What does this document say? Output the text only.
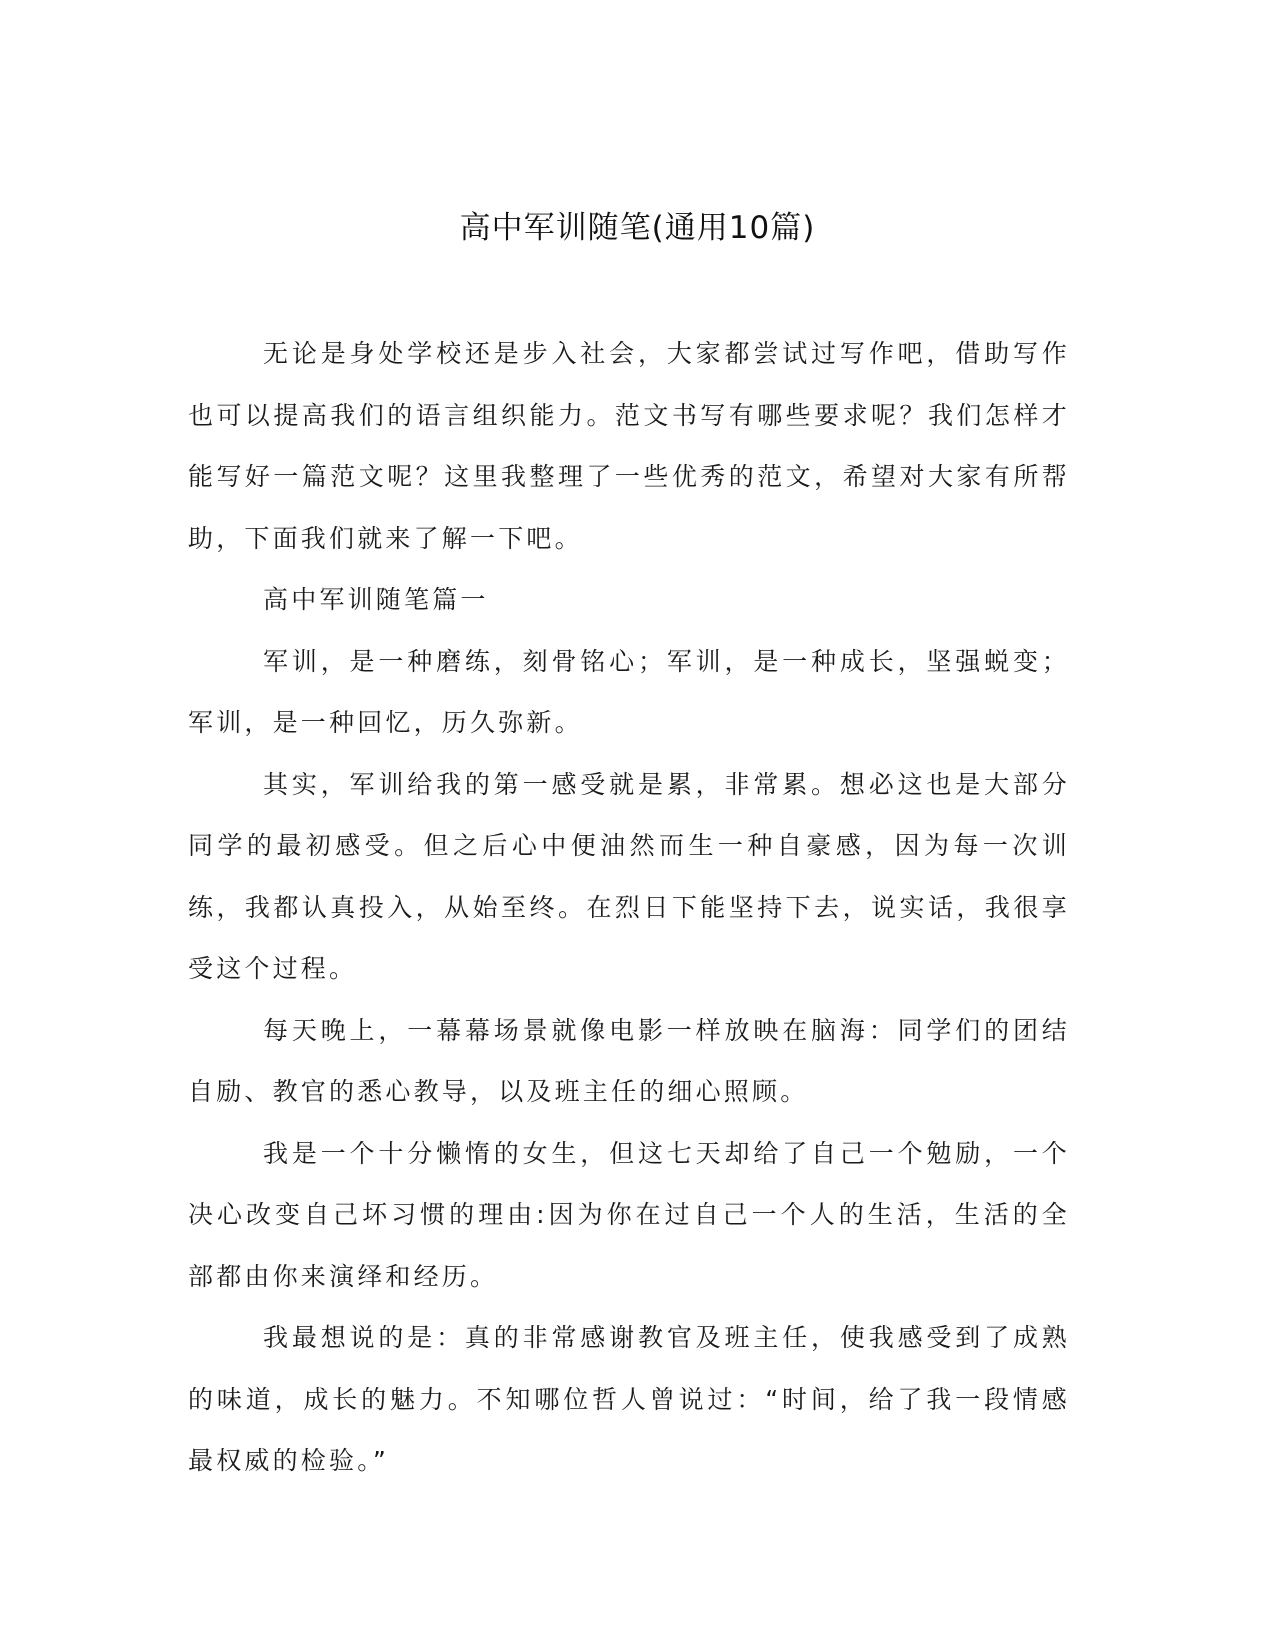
高中军训随笔(通用10篇)

无论是身处学校还是步入社会，大家都尝试过写作吧，借助写作也可以提高我们的语言组织能力。范文书写有哪些要求呢？我们怎样才能写好一篇范文呢？这里我整理了一些优秀的范文，希望对大家有所帮助，下面我们就来了解一下吧。

高中军训随笔篇一

军训，是一种磨练，刻骨铭心；军训，是一种成长，坚强蜕变；军训，是一种回忆，历久弥新。

其实，军训给我的第一感受就是累，非常累。想必这也是大部分同学的最初感受。但之后心中便油然而生一种自豪感，因为每一次训练，我都认真投入，从始至终。在烈日下能坚持下去，说实话，我很享受这个过程。

每天晚上，一幕幕场景就像电影一样放映在脑海：同学们的团结自励、教官的悉心教导，以及班主任的细心照顾。

我是一个十分懒惰的女生，但这七天却给了自己一个勉励，一个决心改变自己坏习惯的理由:因为你在过自己一个人的生活，生活的全部都由你来演绎和经历。

我最想说的是：真的非常感谢教官及班主任，使我感受到了成熟的味道，成长的魅力。不知哪位哲人曾说过：“时间，给了我一段情感最权威的检验。”
